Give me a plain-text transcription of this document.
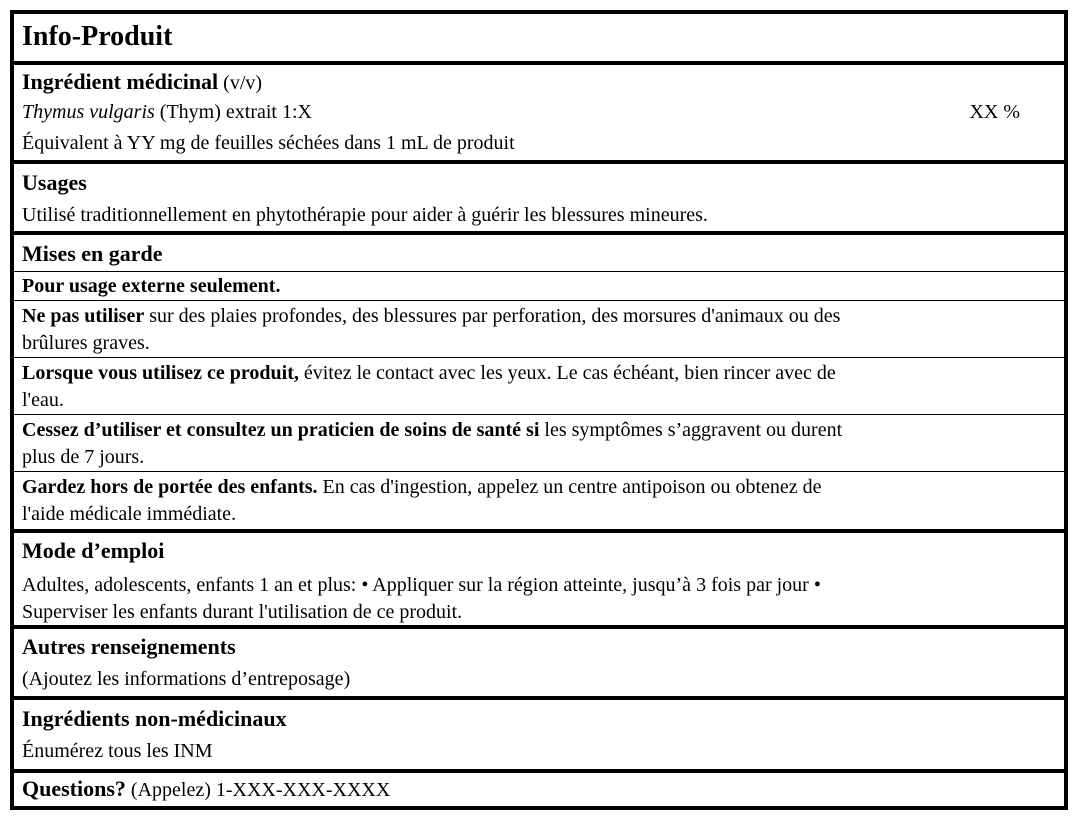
Info-Produit
Ingrédient médicinal (v/v)
Thymus vulgaris (Thym) extrait 1:X	XX %
Équivalent à YY mg de feuilles séchées dans 1 mL de produit
Usages
Utilisé traditionnellement en phytothérapie pour aider à guérir les blessures mineures.
Mises en garde
Pour usage externe seulement.
Ne pas utiliser sur des plaies profondes, des blessures par perforation, des morsures d'animaux ou des
brûlures graves.
Lorsque vous utilisez ce produit, évitez le contact avec les yeux. Le cas échéant, bien rincer avec de
l'eau.
Cessez d’utiliser et consultez un praticien de soins de santé si les symptômes s’aggravent ou durent
plus de 7 jours.
Gardez hors de portée des enfants. En cas d'ingestion, appelez un centre antipoison ou obtenez de
l'aide médicale immédiate.
Mode d’emploi
Adultes, adolescents, enfants 1 an et plus: • Appliquer sur la région atteinte, jusqu’à 3 fois par jour •
Superviser les enfants durant l'utilisation de ce produit.
Autres renseignements
(Ajoutez les informations d’entreposage)
Ingrédients non-médicinaux
Énumérez tous les INM
Questions? (Appelez) 1-XXX-XXX-XXXX
